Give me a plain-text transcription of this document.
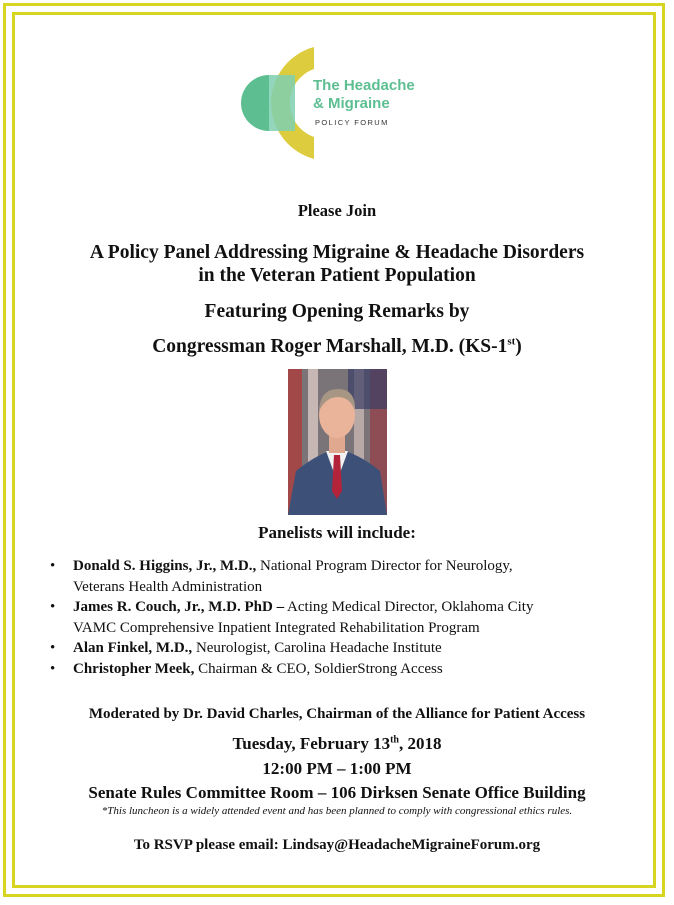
The Headache
& Migraine
POLICY FORUM
Please Join
A Policy Panel Addressing Migraine & Headache Disorders
in the Veteran Patient Population
Featuring Opening Remarks by
Congressman Roger Marshall, M.D. (KS-1st)
Panelists will include:
• Donald S. Higgins, Jr., M.D., National Program Director for Neurology,
Veterans Health Administration
• James R. Couch, Jr., M.D. PhD – Acting Medical Director, Oklahoma City
VAMC Comprehensive Inpatient Integrated Rehabilitation Program
• Alan Finkel, M.D., Neurologist, Carolina Headache Institute
• Christopher Meek, Chairman & CEO, SoldierStrong Access
Moderated by Dr. David Charles, Chairman of the Alliance for Patient Access
Tuesday, February 13th, 2018
12:00 PM – 1:00 PM
Senate Rules Committee Room – 106 Dirksen Senate Office Building
*This luncheon is a widely attended event and has been planned to comply with congressional ethics rules.
To RSVP please email: Lindsay@HeadacheMigraineForum.org
